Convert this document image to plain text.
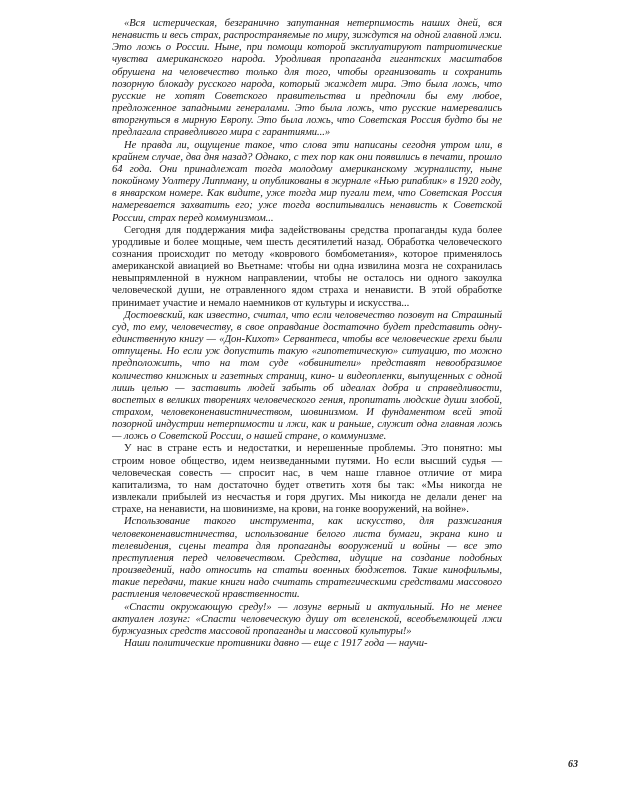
«Вся истерическая, безгранично запутанная нетерпимость наших дней, вся ненависть и весь страх, распространяемые по миру, зиждутся на одной главной лжи. Это ложь о России. Ныне, при помощи которой эксплуатируют патриотические чувства американского народа. Уродливая пропаганда гигантских масштабов обрушена на человечество только для того, чтобы организовать и сохранить позорную блокаду русского народа, который жаждет мира. Это была ложь, что русские не хотят Советского правительства и предпочли бы ему любое, предложенное западными генералами. Это была ложь, что русские намеревались вторгнуться в мирную Европу. Это была ложь, что Советская Россия будто бы не предлагала справедливого мира с гарантиями...»

Не правда ли, ощущение такое, что слова эти написаны сегодня утром или, в крайнем случае, два дня назад? Однако, с тех пор как они появились в печати, прошло 64 года. Они принадлежат тогда молодому американскому журналисту, ныне покойному Уолтеру Липпману, и опубликованы в журнале «Нью рипаблик» в 1920 году, в январском номере. Как видите, уже тогда мир пугали тем, что Советская Россия намеревается захватить его; уже тогда воспитывались ненависть к Советской России, страх перед коммунизмом...

Сегодня для поддержания мифа задействованы средства пропаганды куда более уродливые и более мощные, чем шесть десятилетий назад. Обработка человеческого сознания происходит по методу «коврового бомбометания», которое применялось американской авиацией во Вьетнаме: чтобы ни одна извилина мозга не сохранилась невыпрямленной в нужном направлении, чтобы не осталось ни одного закоулка человеческой души, не отравленного ядом страха и ненависти. В этой обработке принимает участие и немало наемников от культуры и искусства...

Достоевский, как известно, считал, что если человечество позовут на Страшный суд, то ему, человечеству, в свое оправдание достаточно будет представить одну-единственную книгу — «Дон-Кихот» Сервантеса, чтобы все человеческие грехи были отпущены. Но если уж допустить такую «гипотетическую» ситуацию, то можно предположить, что на том суде «обвинители» представят невообразимое количество книжных и газетных страниц, кино- и видеопленки, выпущенных с одной лишь целью — заставить людей забыть об идеалах добра и справедливости, воспетых в великих творениях человеческого гения, пропитать людские души злобой, страхом, человеконенавистничеством, шовинизмом. И фундаментом всей этой позорной индустрии нетерпимости и лжи, как и раньше, служит одна главная ложь — ложь о Советской России, о нашей стране, о коммунизме.

У нас в стране есть и недостатки, и нерешенные проблемы. Это понятно: мы строим новое общество, идем неизведанными путями. Но если высший судья — человеческая совесть — спросит нас, в чем наше главное отличие от мира капитализма, то нам достаточно будет ответить хотя бы так: «Мы никогда не извлекали прибылей из несчастья и горя других. Мы никогда не делали денег на страхе, на ненависти, на шовинизме, на крови, на гонке вооружений, на войне».

Использование такого инструмента, как искусство, для разжигания человеконенавистничества, использование белого листа бумаги, экрана кино и телевидения, сцены театра для пропаганды вооружений и войны — все это преступления перед человечеством. Средства, идущие на создание подобных произведений, надо относить на статьи военных бюджетов. Такие кинофильмы, такие передачи, такие книги надо считать стратегическими средствами массового растления человеческой нравственности.

«Спасти окружающую среду!» — лозунг верный и актуальный. Но не менее актуален лозунг: «Спасти человеческую душу от вселенской, всеобъемлющей лжи буржуазных средств массовой пропаганды и массовой культуры!»

Наши политические противники давно — еще с 1917 года — научи-

63
